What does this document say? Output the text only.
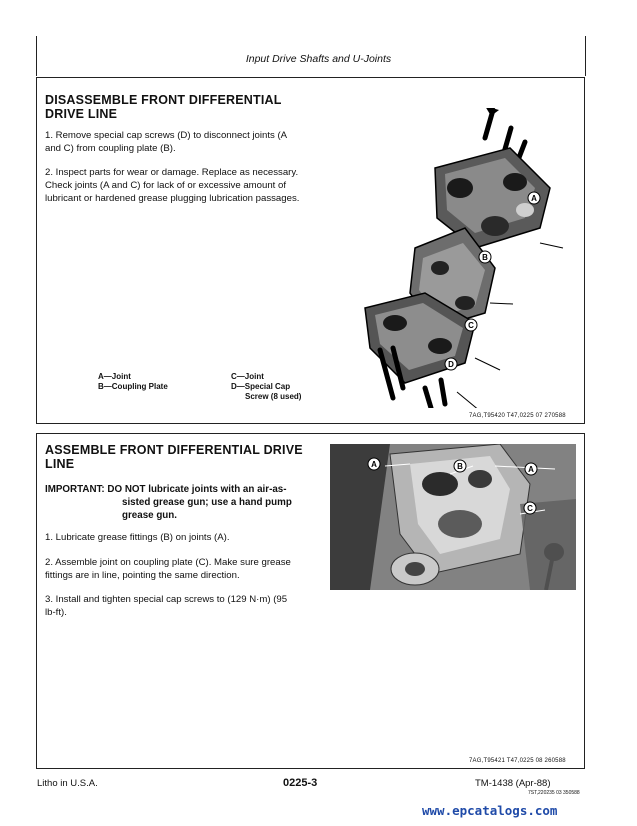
Input Drive Shafts and U-Joints
DISASSEMBLE FRONT DIFFERENTIAL
DRIVE LINE
1. Remove special cap screws (D) to disconnect joints (A
and C) from coupling plate (B).
2. Inspect parts for wear or damage. Replace as necessary.
Check joints (A and C) for lack of or excessive amount of
lubricant or hardened grease plugging lubrication passages.
A—Joint
B—Coupling Plate
C—Joint
D—Special Cap
Screw (8 used)
A
B
C
D
7AG,T95420 T47,0225 07 270588
ASSEMBLE FRONT DIFFERENTIAL DRIVE
LINE
IMPORTANT: DO NOT lubricate joints with an air-as-
sisted grease gun; use a hand pump
grease gun.
1. Lubricate grease fittings (B) on joints (A).
2. Assemble joint on coupling plate (C). Make sure grease
fittings are in line, pointing the same direction.
3. Install and tighten special cap screws to (129 N·m) (95
lb-ft).
A	B	A
C
7AG,T95421 T47,0225 08 260588
Litho in U.S.A.	0225-3	TM-1438 (Apr-88)
7ST,220235 03 350588
www.epcatalogs.com
